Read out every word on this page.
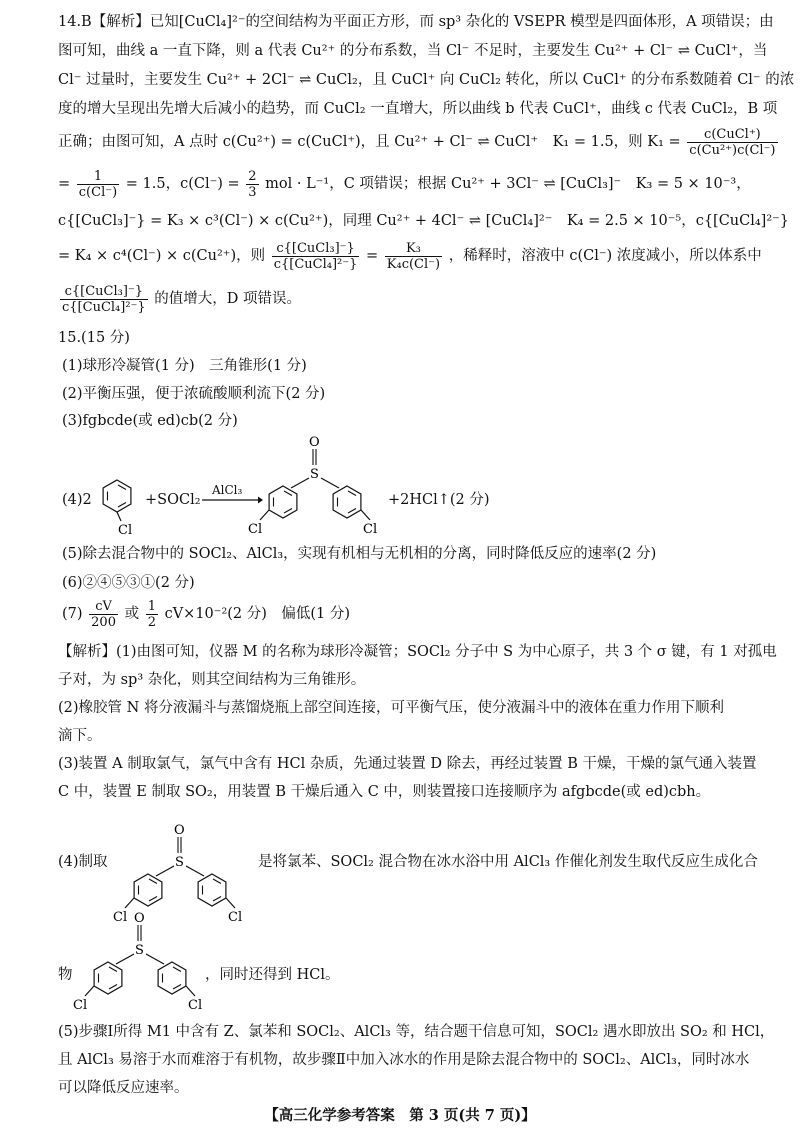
14.B【解析】已知[CuCl₄]²⁻的空间结构为平面正方形，而 sp³ 杂化的 VSEPR 模型是四面体形，A 项错误；由
图可知，曲线 a 一直下降，则 a 代表 Cu²⁺ 的分布系数，当 Cl⁻ 不足时，主要发生 Cu²⁺ + Cl⁻ ⇌ CuCl⁺，当
Cl⁻ 过量时，主要发生 Cu²⁺ + 2Cl⁻ ⇌ CuCl₂，且 CuCl⁺ 向 CuCl₂ 转化，所以 CuCl⁺ 的分布系数随着 Cl⁻ 的浓
度的增大呈现出先增大后减小的趋势，而 CuCl₂ 一直增大，所以曲线 b 代表 CuCl⁺，曲线 c 代表 CuCl₂，B 项
正确；由图可知，A 点时 c(Cu²⁺) = c(CuCl⁺)，且 Cu²⁺ + Cl⁻ ⇌ CuCl⁺　K₁ = 1.5，则 $K_1 = \frac{\text{c(CuCl⁺)}}{\text{c(Cu²⁺)c(Cl⁻)}}$
= $\frac{1}{c(Cl^-)} = 1.5$，$c(Cl^-) = \frac{2}{3}$ mol · L⁻¹，C 项错误；根据 Cu²⁺ + 3Cl⁻ ⇌ [CuCl₃]⁻　K₃ = 5 × 10⁻³，
c{[CuCl₃]⁻} = K₃ × c³(Cl⁻) × c(Cu²⁺)，同理 Cu²⁺ + 4Cl⁻ ⇌ [CuCl₄]²⁻　K₄ = 2.5 × 10⁻⁵，c{[CuCl₄]²⁻}
= K₄ × c⁴(Cl⁻) × c(Cu²⁺)，则 $\frac{\text{c\{[CuCl₃]⁻\}}}{\text{c\{[CuCl₄]²⁻\}}} = \frac{\text{K₃}}{\text{K₄c(Cl⁻)}}$ ，稀释时，溶液中 c(Cl⁻) 浓度减小，所以体系中
$\frac{\text{c\{[CuCl₃]⁻\}}}{\text{c\{[CuCl₄]²⁻\}}}$ 的值增大，D 项错误。
15.(15 分)
(1)球形冷凝管(1 分)　三角锥形(1 分)
(2)平衡压强，便于浓硫酸顺利流下(2 分)
(3)fgbcde(或 ed)cb(2 分)
(4)2
Cl
+SOCl₂
AlCl₃
O
S
Cl	Cl
+2HCl↑(2 分)
(5)除去混合物中的 SOCl₂、AlCl₃，实现有机相与无机相的分离，同时降低反应的速率(2 分)
(6)②④⑤③①(2 分)
$(7) \frac{cV}{200}$ 或 $\frac{1}{2} cV\times 10^{-2}(2$ 分)　偏低(1 分)
【解析】(1)由图可知，仪器 M 的名称为球形冷凝管；SOCl₂ 分子中 S 为中心原子，共 3 个 σ 键，有 1 对孤电
子对，为 sp³ 杂化，则其空间结构为三角锥形。
(2)橡胶管 N 将分液漏斗与蒸馏烧瓶上部空间连接，可平衡气压，使分液漏斗中的液体在重力作用下顺利
滴下。
(3)装置 A 制取氯气，氯气中含有 HCl 杂质，先通过装置 D 除去，再经过装置 B 干燥，干燥的氯气通入装置
C 中，装置 E 制取 SO₂，用装置 B 干燥后通入 C 中，则装置接口连接顺序为 afgbcde(或 ed)cbh。
(4)制取
O
S
Cl	Cl
是将氯苯、SOCl₂ 混合物在冰水浴中用 AlCl₃ 作催化剂发生取代反应生成化合
物
O
S
Cl	Cl
，同时还得到 HCl。
(5)步骤Ⅰ所得 M1 中含有 Z、氯苯和 SOCl₂、AlCl₃ 等，结合题干信息可知，SOCl₂ 遇水即放出 SO₂ 和 HCl，
且 AlCl₃ 易溶于水而难溶于有机物，故步骤Ⅱ中加入冰水的作用是除去混合物中的 SOCl₂、AlCl₃，同时冰水
可以降低反应速率。
【高三化学参考答案　第 3 页(共 7 页)】
